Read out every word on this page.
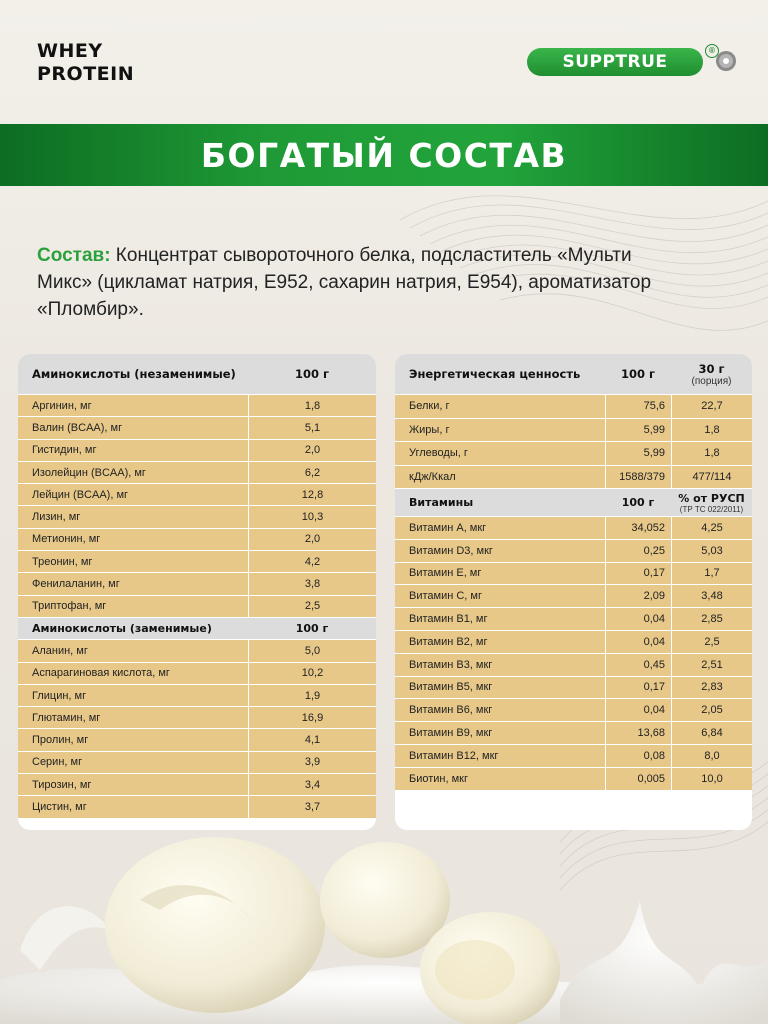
WHEY
PROTEIN
SUPPTRUE
®
БОГАТЫЙ СОСТАВ
Состав: Концентрат сывороточного белка, подсластитель «Мульти Микс» (цикламат натрия, Е952, сахарин натрия, Е954), ароматизатор «Пломбир».
Аминокислоты (незаменимые)	100 г
Аргинин, мг	1,8
Валин (BCAA), мг	5,1
Гистидин, мг	2,0
Изолейцин (BCAA), мг	6,2
Лейцин (BCAA), мг	12,8
Лизин, мг	10,3
Метионин, мг	2,0
Треонин, мг	4,2
Фенилаланин, мг	3,8
Триптофан, мг	2,5
Аминокислоты (заменимые)	100 г
Аланин, мг	5,0
Аспарагиновая кислота, мг	10,2
Глицин, мг	1,9
Глютамин, мг	16,9
Пролин, мг	4,1
Серин, мг	3,9
Тирозин, мг	3,4
Цистин, мг	3,7
Энергетическая ценность	100 г	30 г
(порция)
Белки, г	75,6	22,7
Жиры, г	5,99	1,8
Углеводы, г	5,99	1,8
кДж/Ккал	1588/379	477/114
Витамины	100 г	% от РУСП
(ТР ТС 022/2011)
Витамин А, мкг	34,052	4,25
Витамин D3, мкг	0,25	5,03
Витамин Е, мг	0,17	1,7
Витамин С, мг	2,09	3,48
Витамин В1, мг	0,04	2,85
Витамин В2, мг	0,04	2,5
Витамин В3, мкг	0,45	2,51
Витамин В5, мкг	0,17	2,83
Витамин В6, мкг	0,04	2,05
Витамин В9, мкг	13,68	6,84
Витамин В12, мкг	0,08	8,0
Биотин, мкг	0,005	10,0
